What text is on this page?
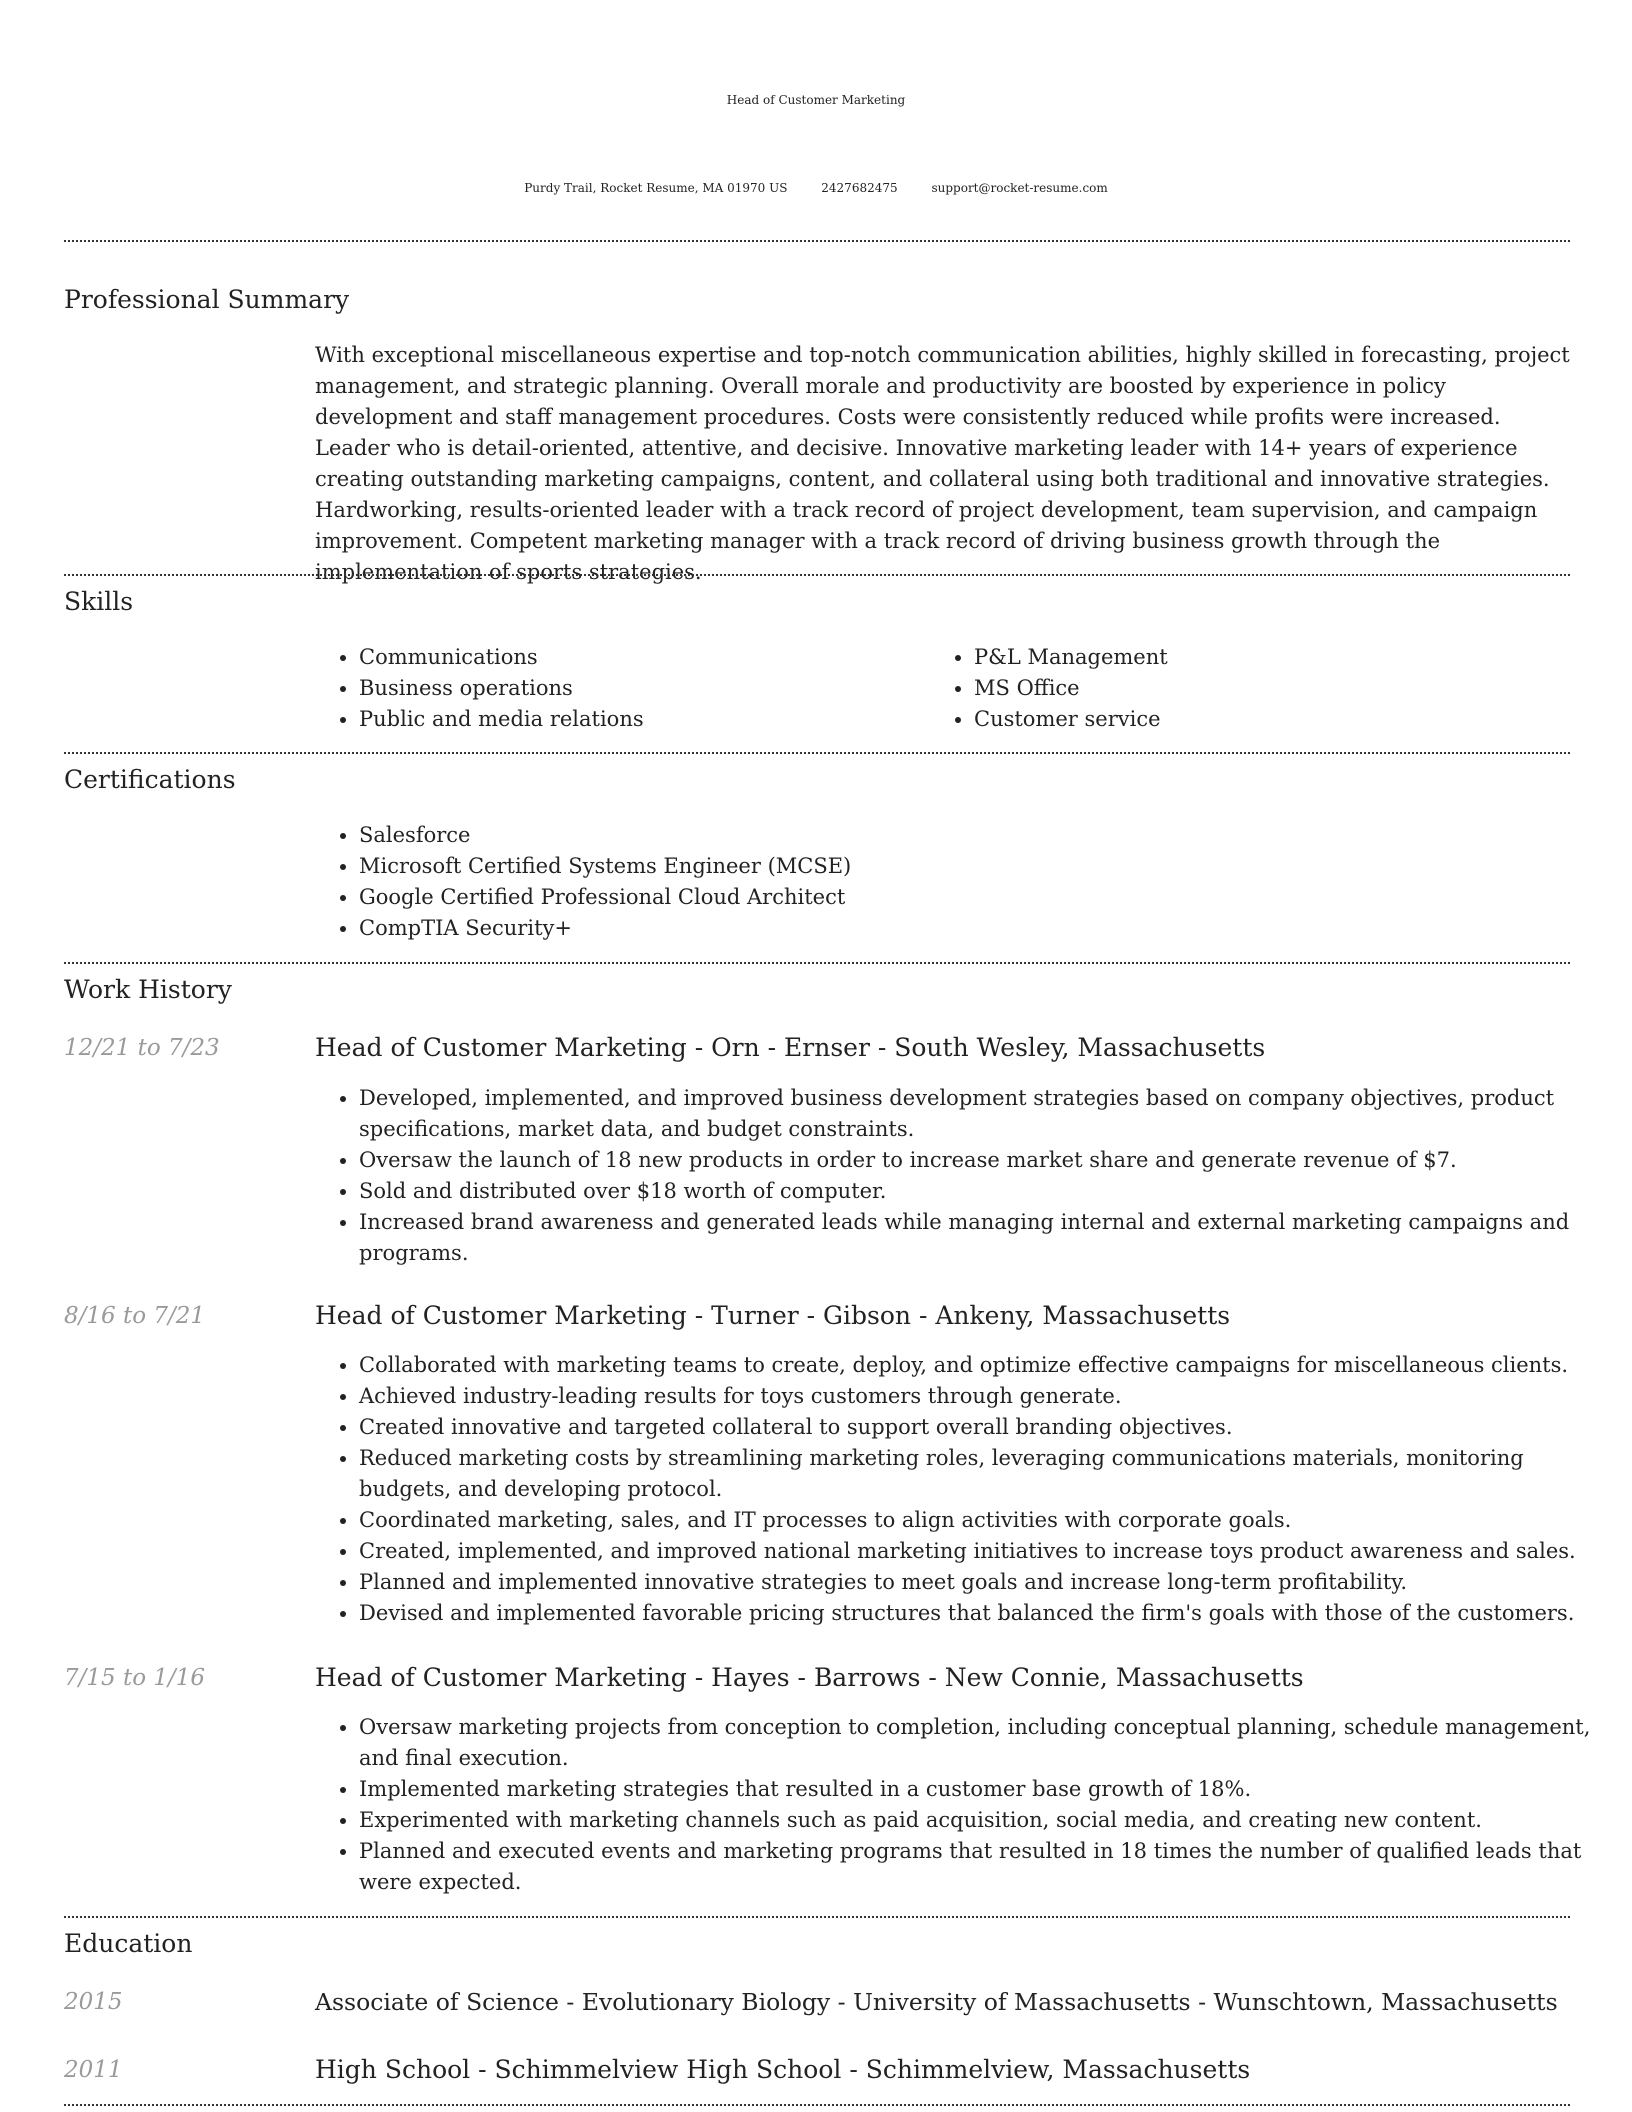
Head of Customer Marketing
Purdy Trail, Rocket Resume, MA 01970 US	2427682475	support@rocket-resume.com
Professional Summary

With exceptional miscellaneous expertise and top-notch communication abilities, highly skilled in forecasting, project management, and strategic planning. Overall morale and productivity are boosted by experience in policy development and staff management procedures. Costs were consistently reduced while profits were increased. Leader who is detail-oriented, attentive, and decisive. Innovative marketing leader with 14+ years of experience creating outstanding marketing campaigns, content, and collateral using both traditional and innovative strategies. Hardworking, results-oriented leader with a track record of project development, team supervision, and campaign improvement. Competent marketing manager with a track record of driving business growth through the implementation of sports strategies.

Skills
• Communications
• Business operations
• Public and media relations
• P&L Management
• MS Office
• Customer service
Certifications
• Salesforce
• Microsoft Certified Systems Engineer (MCSE)
• Google Certified Professional Cloud Architect
• CompTIA Security+
Work History
12/21 to 7/23	Head of Customer Marketing - Orn - Ernser - South Wesley, Massachusetts
• Developed, implemented, and improved business development strategies based on company objectives, product specifications, market data, and budget constraints.
• Oversaw the launch of 18 new products in order to increase market share and generate revenue of $7.
• Sold and distributed over $18 worth of computer.
• Increased brand awareness and generated leads while managing internal and external marketing campaigns and programs.
8/16 to 7/21	Head of Customer Marketing - Turner - Gibson - Ankeny, Massachusetts
• Collaborated with marketing teams to create, deploy, and optimize effective campaigns for miscellaneous clients.
• Achieved industry-leading results for toys customers through generate.
• Created innovative and targeted collateral to support overall branding objectives.
• Reduced marketing costs by streamlining marketing roles, leveraging communications materials, monitoring budgets, and developing protocol.
• Coordinated marketing, sales, and IT processes to align activities with corporate goals.
• Created, implemented, and improved national marketing initiatives to increase toys product awareness and sales.
• Planned and implemented innovative strategies to meet goals and increase long-term profitability.
• Devised and implemented favorable pricing structures that balanced the firm's goals with those of the customers.
7/15 to 1/16	Head of Customer Marketing - Hayes - Barrows - New Connie, Massachusetts
• Oversaw marketing projects from conception to completion, including conceptual planning, schedule management, and final execution.
• Implemented marketing strategies that resulted in a customer base growth of 18%.
• Experimented with marketing channels such as paid acquisition, social media, and creating new content.
• Planned and executed events and marketing programs that resulted in 18 times the number of qualified leads that were expected.
Education
2015	Associate of Science - Evolutionary Biology - University of Massachusetts - Wunschtown, Massachusetts
2011	High School - Schimmelview High School - Schimmelview, Massachusetts
